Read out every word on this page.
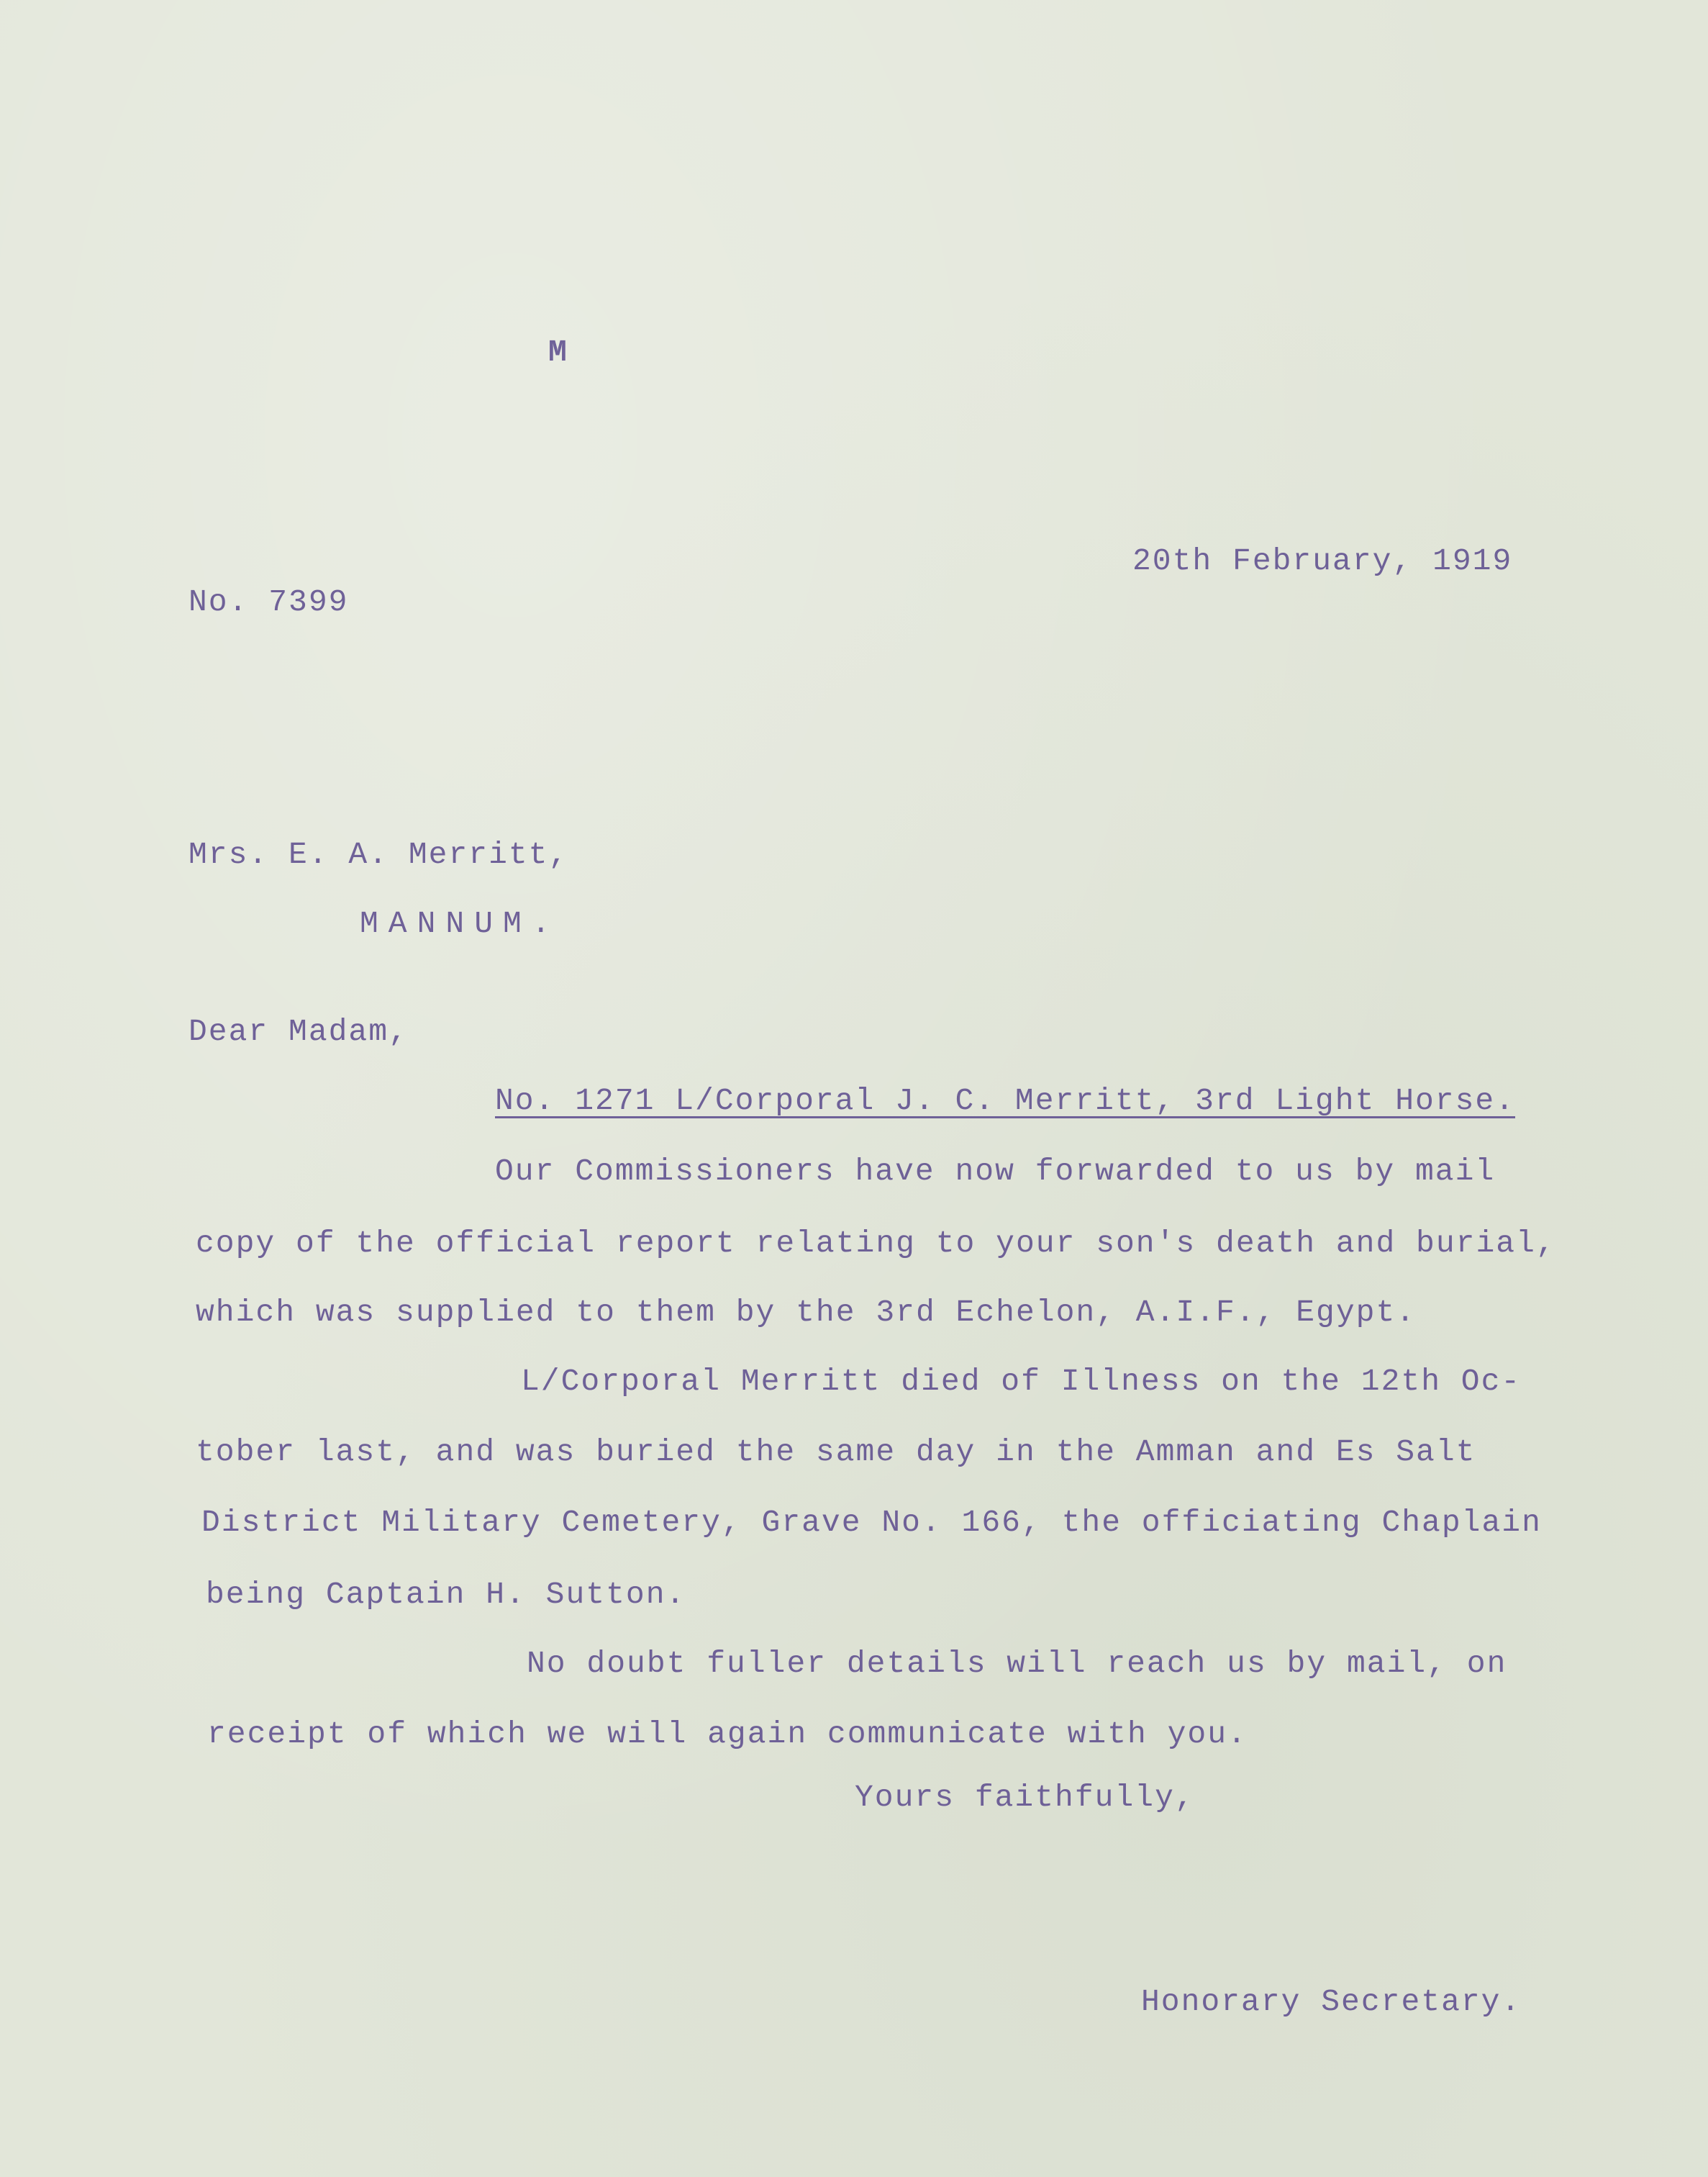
M
20th February, 1919
No. 7399
Mrs. E. A. Merritt,
MANNUM.
Dear Madam,
No. 1271 L/Corporal J. C. Merritt, 3rd Light Horse.
Our Commissioners have now forwarded to us by mail
copy of the official report relating to your son's death and burial,
which was supplied to them by the 3rd Echelon, A.I.F., Egypt.
L/Corporal Merritt died of Illness on the 12th Oc-
tober last, and was buried the same day in the Amman and Es Salt
District Military Cemetery, Grave No. 166, the officiating Chaplain
being Captain H. Sutton.
No doubt fuller details will reach us by mail, on
receipt of which we will again communicate with you.
Yours faithfully,
Honorary Secretary.
